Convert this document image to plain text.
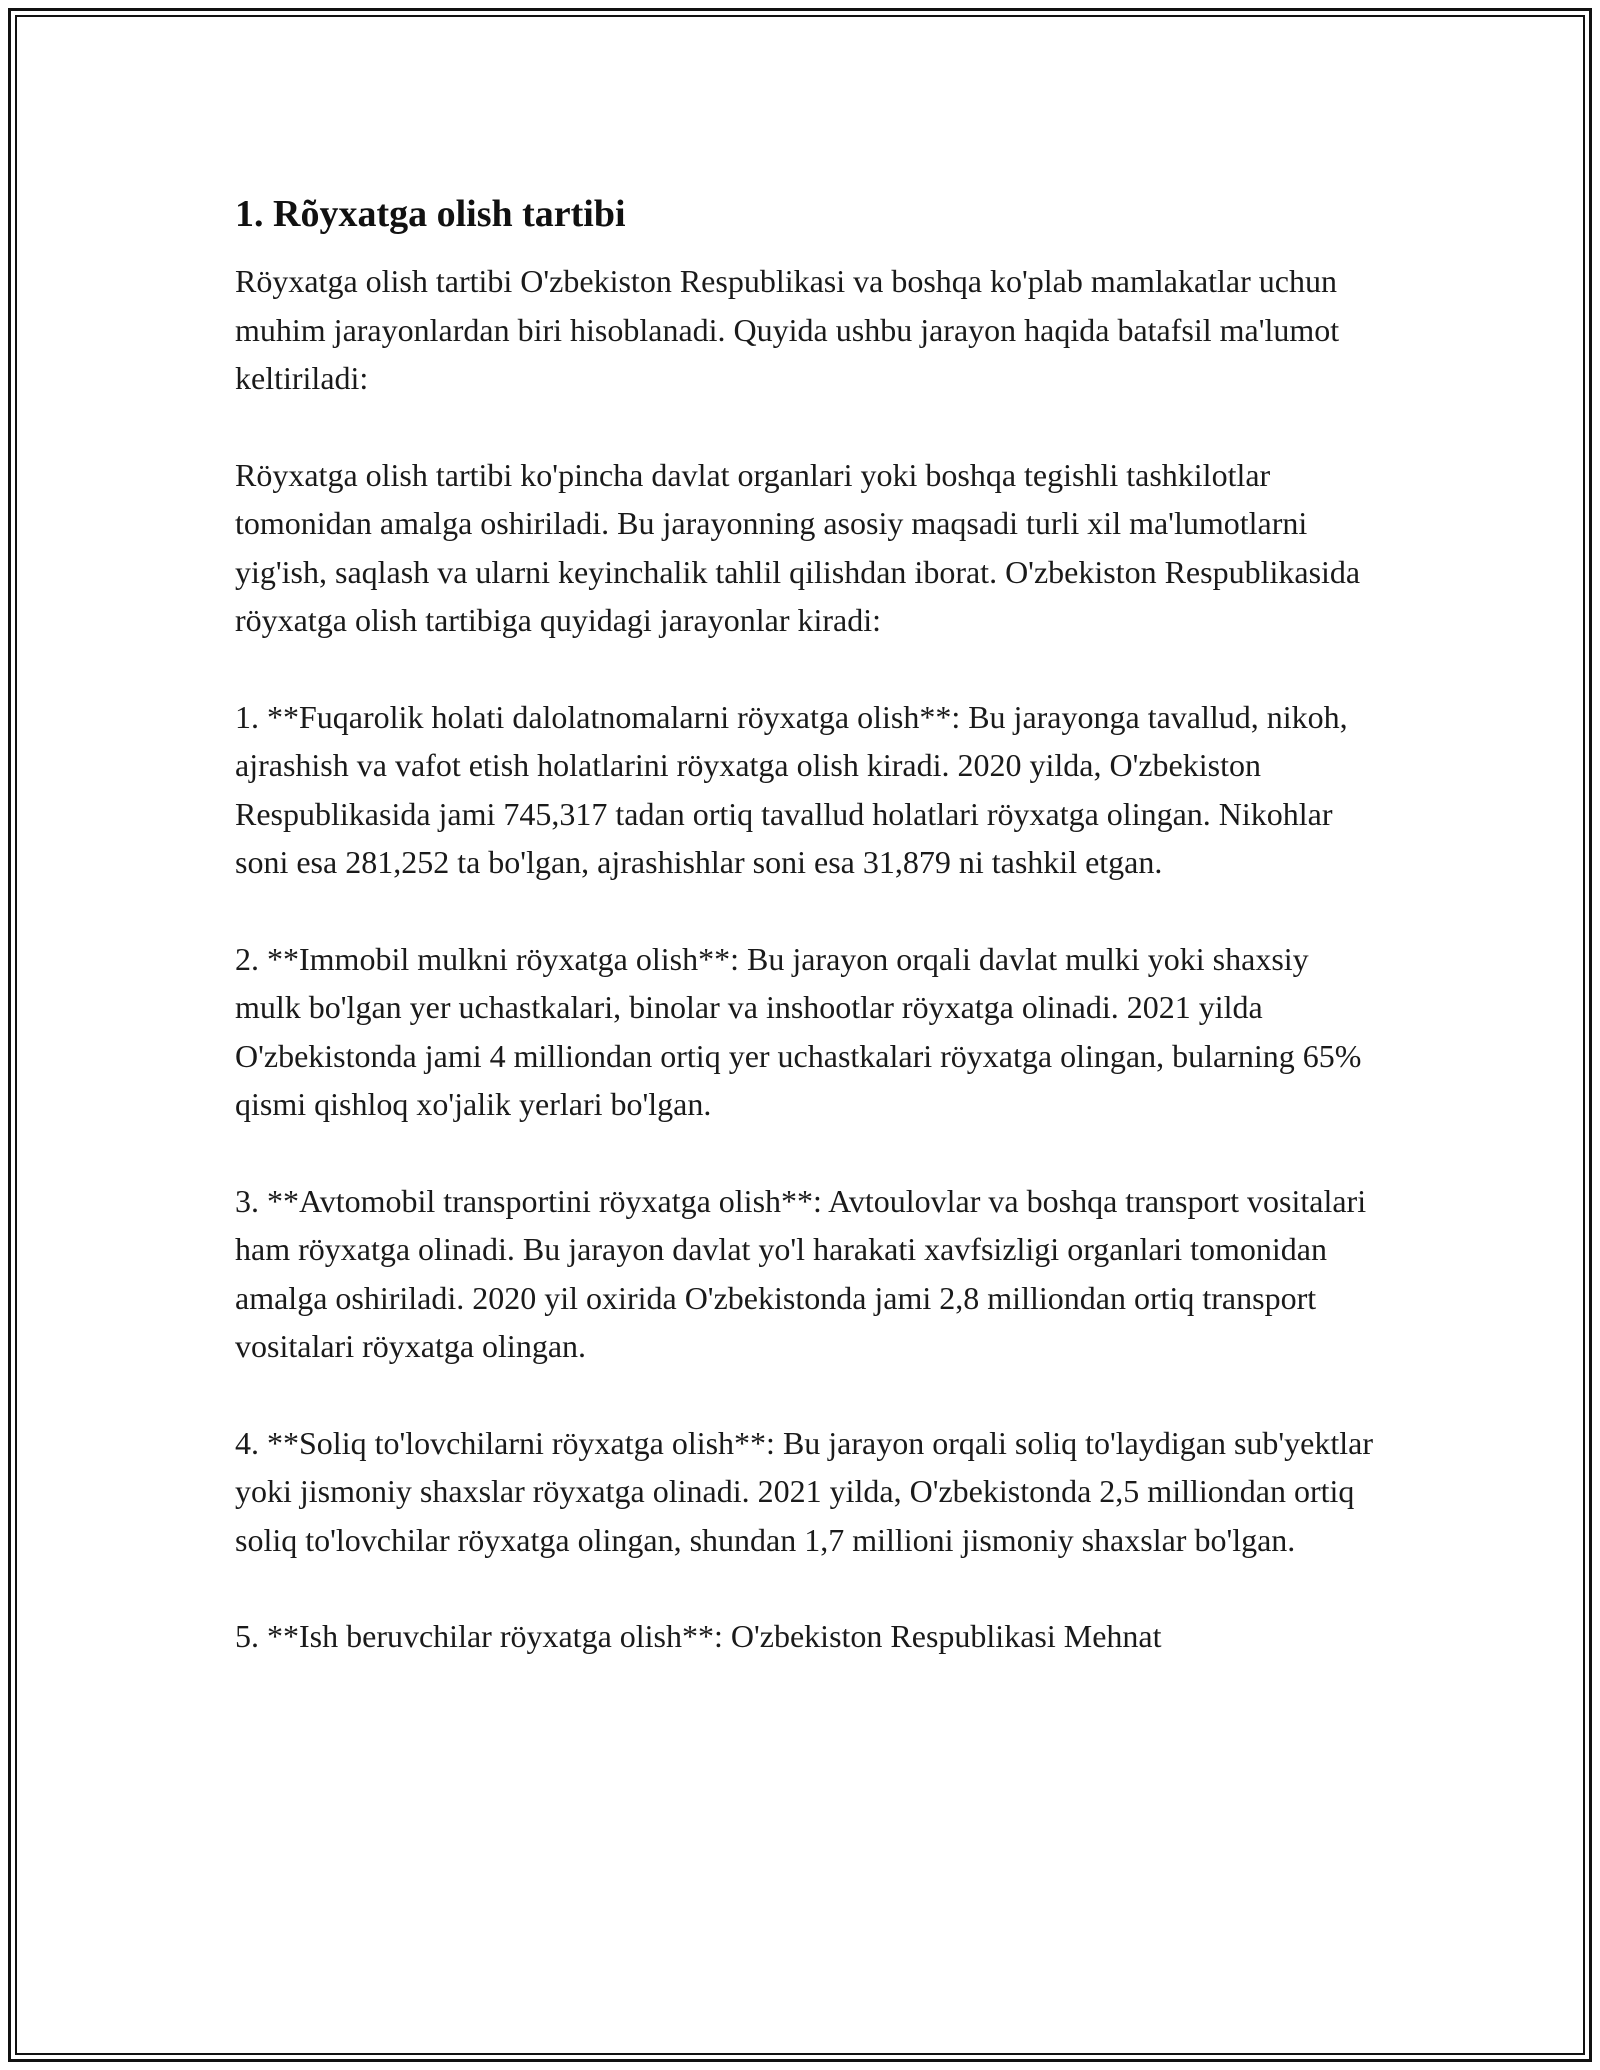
1. Rõyxatga olish tartibi

Röyxatga olish tartibi O'zbekiston Respublikasi va boshqa ko'plab mamlakatlar uchun muhim jarayonlardan biri hisoblanadi. Quyida ushbu jarayon haqida batafsil ma'lumot keltiriladi:

Röyxatga olish tartibi ko'pincha davlat organlari yoki boshqa tegishli tashkilotlar tomonidan amalga oshiriladi. Bu jarayonning asosiy maqsadi turli xil ma'lumotlarni yig'ish, saqlash va ularni keyinchalik tahlil qilishdan iborat. O'zbekiston Respublikasida röyxatga olish tartibiga quyidagi jarayonlar kiradi:

1. **Fuqarolik holati dalolatnomalarni röyxatga olish**: Bu jarayonga tavallud, nikoh, ajrashish va vafot etish holatlarini röyxatga olish kiradi. 2020 yilda, O'zbekiston Respublikasida jami 745,317 tadan ortiq tavallud holatlari röyxatga olingan. Nikohlar soni esa 281,252 ta bo'lgan, ajrashishlar soni esa 31,879 ni tashkil etgan.

2. **Immobil mulkni röyxatga olish**: Bu jarayon orqali davlat mulki yoki shaxsiy mulk bo'lgan yer uchastkalari, binolar va inshootlar röyxatga olinadi. 2021 yilda O'zbekistonda jami 4 milliondan ortiq yer uchastkalari röyxatga olingan, bularning 65% qismi qishloq xo'jalik yerlari bo'lgan.

3. **Avtomobil transportini röyxatga olish**: Avtoulovlar va boshqa transport vositalari ham röyxatga olinadi. Bu jarayon davlat yo'l harakati xavfsizligi organlari tomonidan amalga oshiriladi. 2020 yil oxirida O'zbekistonda jami 2,8 milliondan ortiq transport vositalari röyxatga olingan.

4. **Soliq to'lovchilarni röyxatga olish**: Bu jarayon orqali soliq to'laydigan sub'yektlar yoki jismoniy shaxslar röyxatga olinadi. 2021 yilda, O'zbekistonda 2,5 milliondan ortiq soliq to'lovchilar röyxatga olingan, shundan 1,7 millioni jismoniy shaxslar bo'lgan.

5. **Ish beruvchilar röyxatga olish**: O'zbekiston Respublikasi Mehnat
